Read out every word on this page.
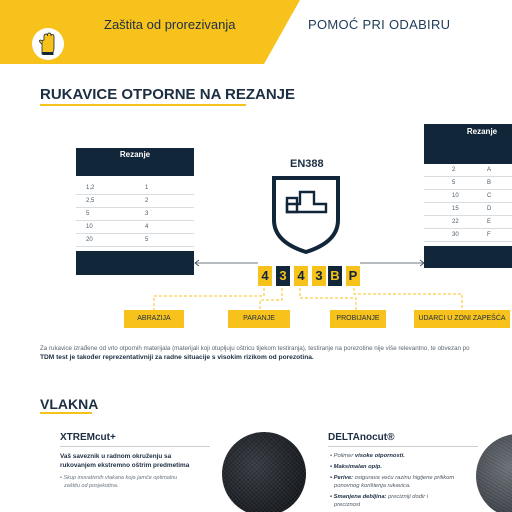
Zaštita od prorezivanja	POMOĆ PRI ODABIRU
RUKAVICE OTPORNE NA REZANJE
Rezanje
1,2	1
2,5	2
5	3
10	4
20	5
Rezanje
2	A
5	B
10	C
15	D
22	E
30	F
EN388
4 3 4 3 B P
ABRAZIJA	PARANJE	PROBIJANJE	UDARCI U ZONI ZAPEŠĆA
Za rukavice izrađene od vrlo otpornih materijala (materijali koji otupljuju oštricu tijekom testiranja), testiranje na porezotine nije više relevantno, te obvezan po
TDM test je također reprezentativniji za radne situacije s visokim rizikom od porezotina.
VLAKNA
XTREMcut+
Vaš saveznik u radnom okruženju sa
rukovanjem ekstremno oštrim predmetima
• Skup inovativnih vlakana koja jamče optimalnu
zaštitu od posjekotina.
DELTAnocut®
• Polimer visoke otpornosti.
• Maksimalan opip.
• Perive: osigurava veću razinu higijene prilikom
ponovnog korištenja rukavica.
• Smanjena debljina: precizniji dodir i
preciznost
